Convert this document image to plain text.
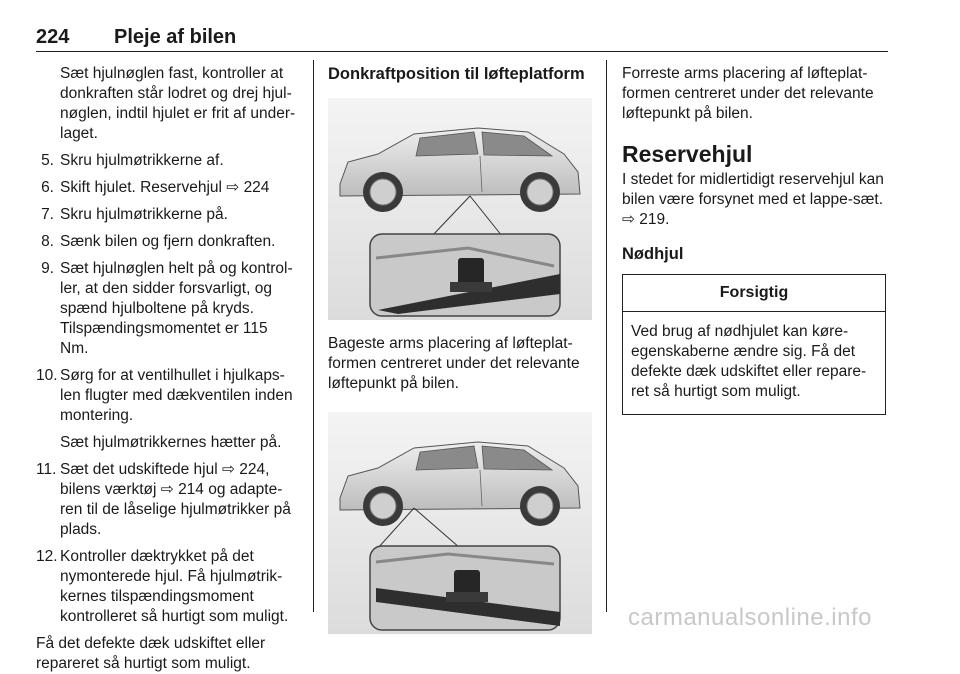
224 Pleje af bilen

Sæt hjulnøglen fast, kontroller at donkraften står lodret og drej hjul-nøglen, indtil hjulet er frit af under-laget.

5. Skru hjulmøtrikkerne af.

6. Skift hjulet. Reservehjul ⇨ 224

7. Skru hjulmøtrikkerne på.

8. Sænk bilen og fjern donkraften.

9. Sæt hjulnøglen helt på og kontrol-ler, at den sidder forsvarligt, og spænd hjulboltene på kryds. Tilspændingsmomentet er 115 Nm.

10. Sørg for at ventilhullet i hjulkaps-len flugter med dækventilen inden montering.

Sæt hjulmøtrikkernes hætter på.

11. Sæt det udskiftede hjul ⇨ 224, bilens værktøj ⇨ 214 og adapte-ren til de låselige hjulmøtrikker på plads.

12. Kontroller dæktrykket på det nymonterede hjul. Få hjulmøtrik-kernes tilspændingsmoment kontrolleret så hurtigt som muligt.

Få det defekte dæk udskiftet eller repareret så hurtigt som muligt.

Donkraftposition til løfteplatform

Bageste arms placering af løfteplat-formen centreret under det relevante løftepunkt på bilen.

Forreste arms placering af løfteplat-formen centreret under det relevante løftepunkt på bilen.

Reservehjul

I stedet for midlertidigt reservehjul kan bilen være forsynet med et lappe-sæt. ⇨ 219.

Nødhjul
Forsigtig
Ved brug af nødhjulet kan køre-egenskaberne ændre sig. Få det defekte dæk udskiftet eller repare-ret så hurtigt som muligt.
carmanualsonline.info
